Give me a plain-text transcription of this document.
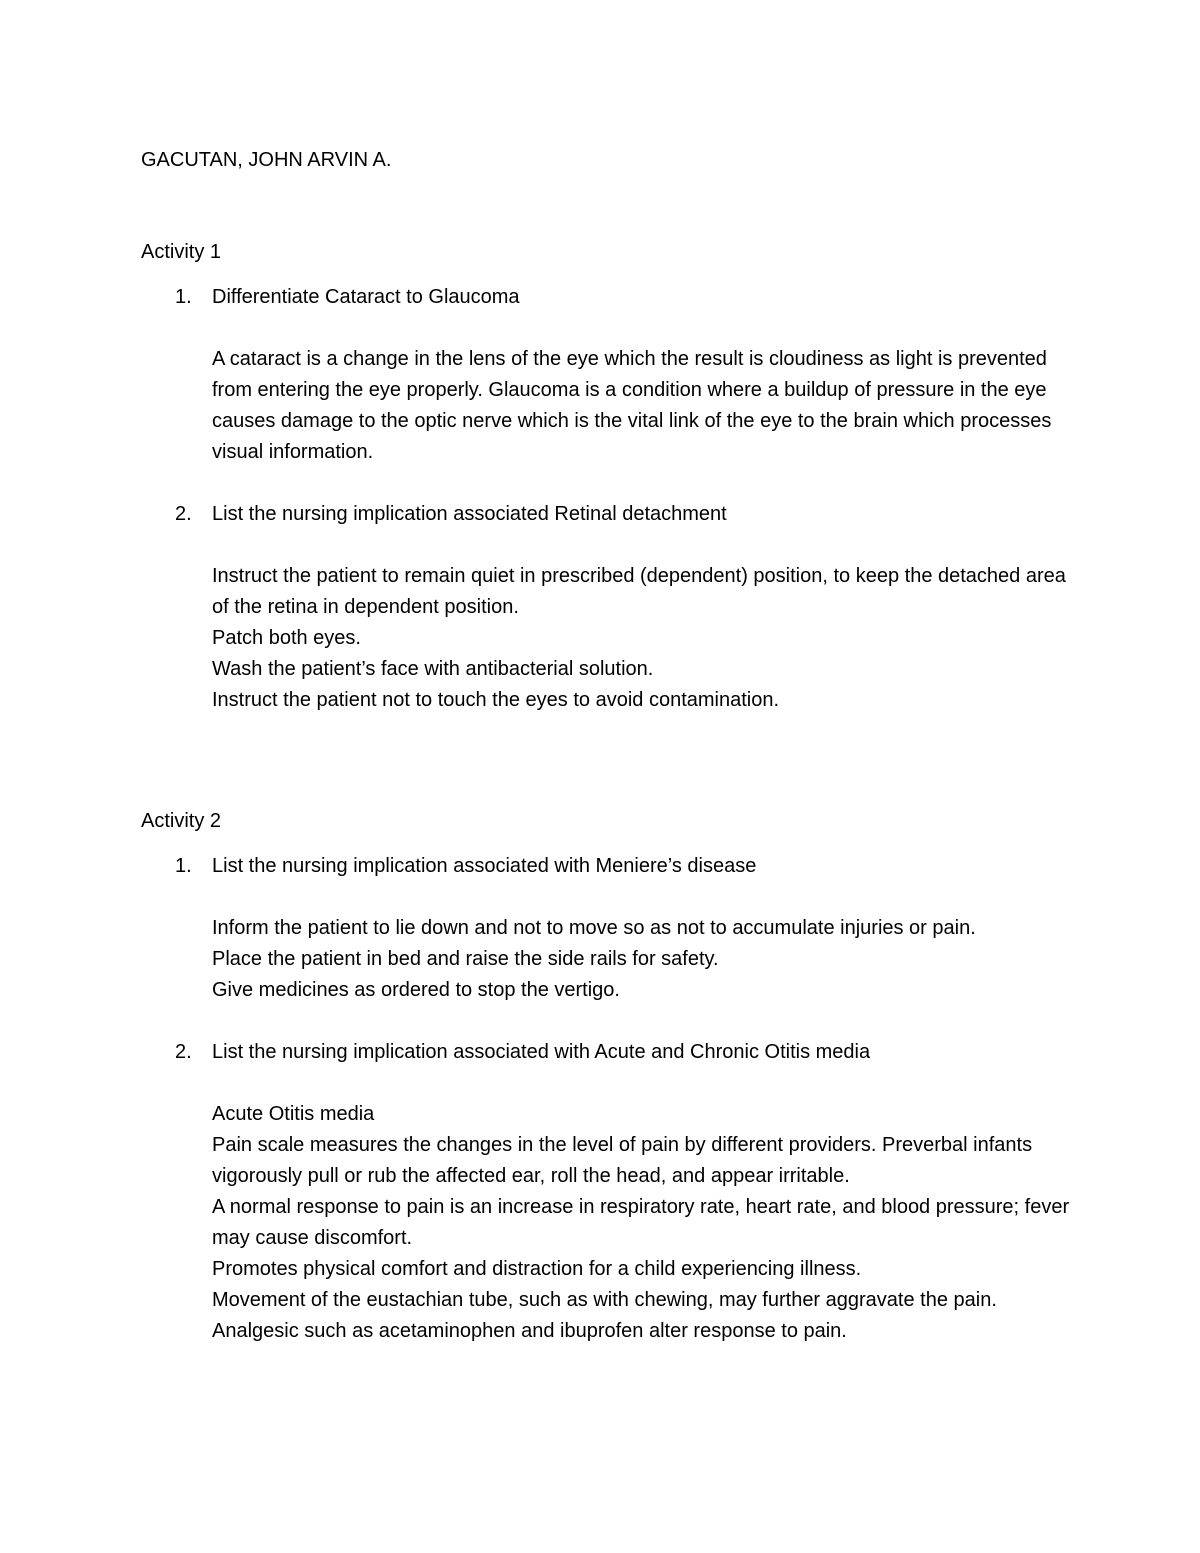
GACUTAN, JOHN ARVIN A.

Activity 1

1. Differentiate Cataract to Glaucoma

A cataract is a change in the lens of the eye which the result is cloudiness as light is prevented from entering the eye properly. Glaucoma is a condition where a buildup of pressure in the eye causes damage to the optic nerve which is the vital link of the eye to the brain which processes visual information.

2. List the nursing implication associated Retinal detachment

Instruct the patient to remain quiet in prescribed (dependent) position, to keep the detached area of the retina in dependent position.

Patch both eyes.

Wash the patient’s face with antibacterial solution.

Instruct the patient not to touch the eyes to avoid contamination.

Activity 2

1. List the nursing implication associated with Meniere’s disease

Inform the patient to lie down and not to move so as not to accumulate injuries or pain.

Place the patient in bed and raise the side rails for safety.

Give medicines as ordered to stop the vertigo.

2. List the nursing implication associated with Acute and Chronic Otitis media

Acute Otitis media

Pain scale measures the changes in the level of pain by different providers. Preverbal infants vigorously pull or rub the affected ear, roll the head, and appear irritable.

A normal response to pain is an increase in respiratory rate, heart rate, and blood pressure; fever may cause discomfort.

Promotes physical comfort and distraction for a child experiencing illness.

Movement of the eustachian tube, such as with chewing, may further aggravate the pain.

Analgesic such as acetaminophen and ibuprofen alter response to pain.
